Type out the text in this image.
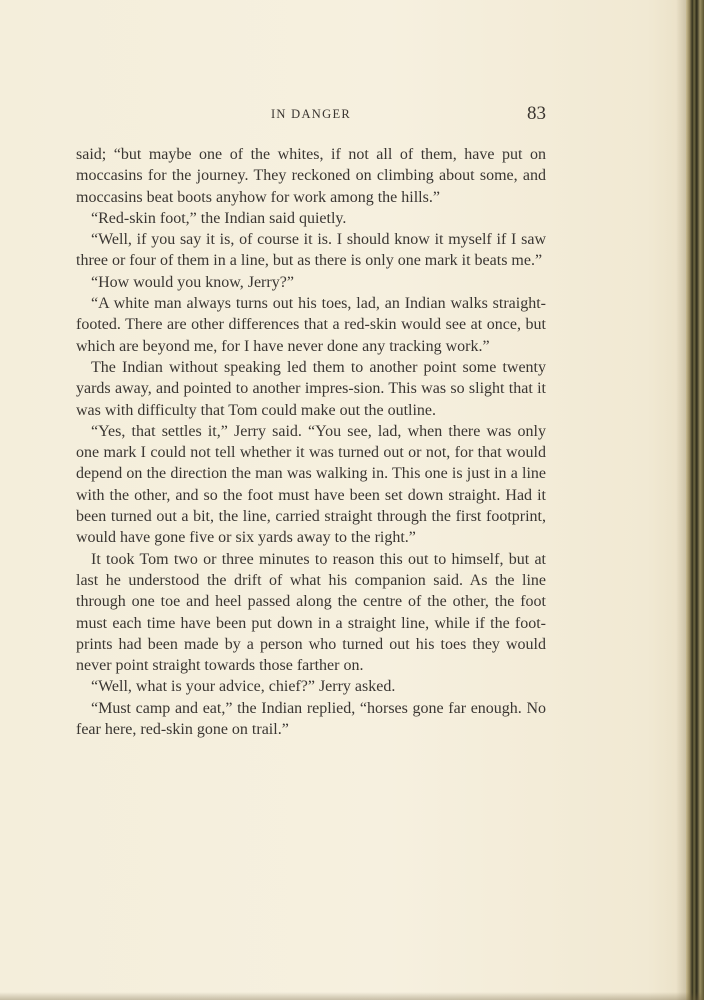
IN DANGER	83

said; “but maybe one of the whites, if not all of them, have put on moccasins for the journey. They reckoned on climbing about some, and moccasins beat boots anyhow for work among the hills.”

“Red-skin foot,” the Indian said quietly.

“Well, if you say it is, of course it is. I should know it myself if I saw three or four of them in a line, but as there is only one mark it beats me.”

“How would you know, Jerry?”

“A white man always turns out his toes, lad, an Indian walks straight-footed. There are other differences that a red-skin would see at once, but which are beyond me, for I have never done any tracking work.”

The Indian without speaking led them to another point some twenty yards away, and pointed to another impres-sion. This was so slight that it was with difficulty that Tom could make out the outline.

“Yes, that settles it,” Jerry said. “You see, lad, when there was only one mark I could not tell whether it was turned out or not, for that would depend on the direction the man was walking in. This one is just in a line with the other, and so the foot must have been set down straight. Had it been turned out a bit, the line, carried straight through the first footprint, would have gone five or six yards away to the right.”

It took Tom two or three minutes to reason this out to himself, but at last he understood the drift of what his companion said. As the line through one toe and heel passed along the centre of the other, the foot must each time have been put down in a straight line, while if the foot-prints had been made by a person who turned out his toes they would never point straight towards those farther on.

“Well, what is your advice, chief?” Jerry asked.

“Must camp and eat,” the Indian replied, “horses gone far enough. No fear here, red-skin gone on trail.”
